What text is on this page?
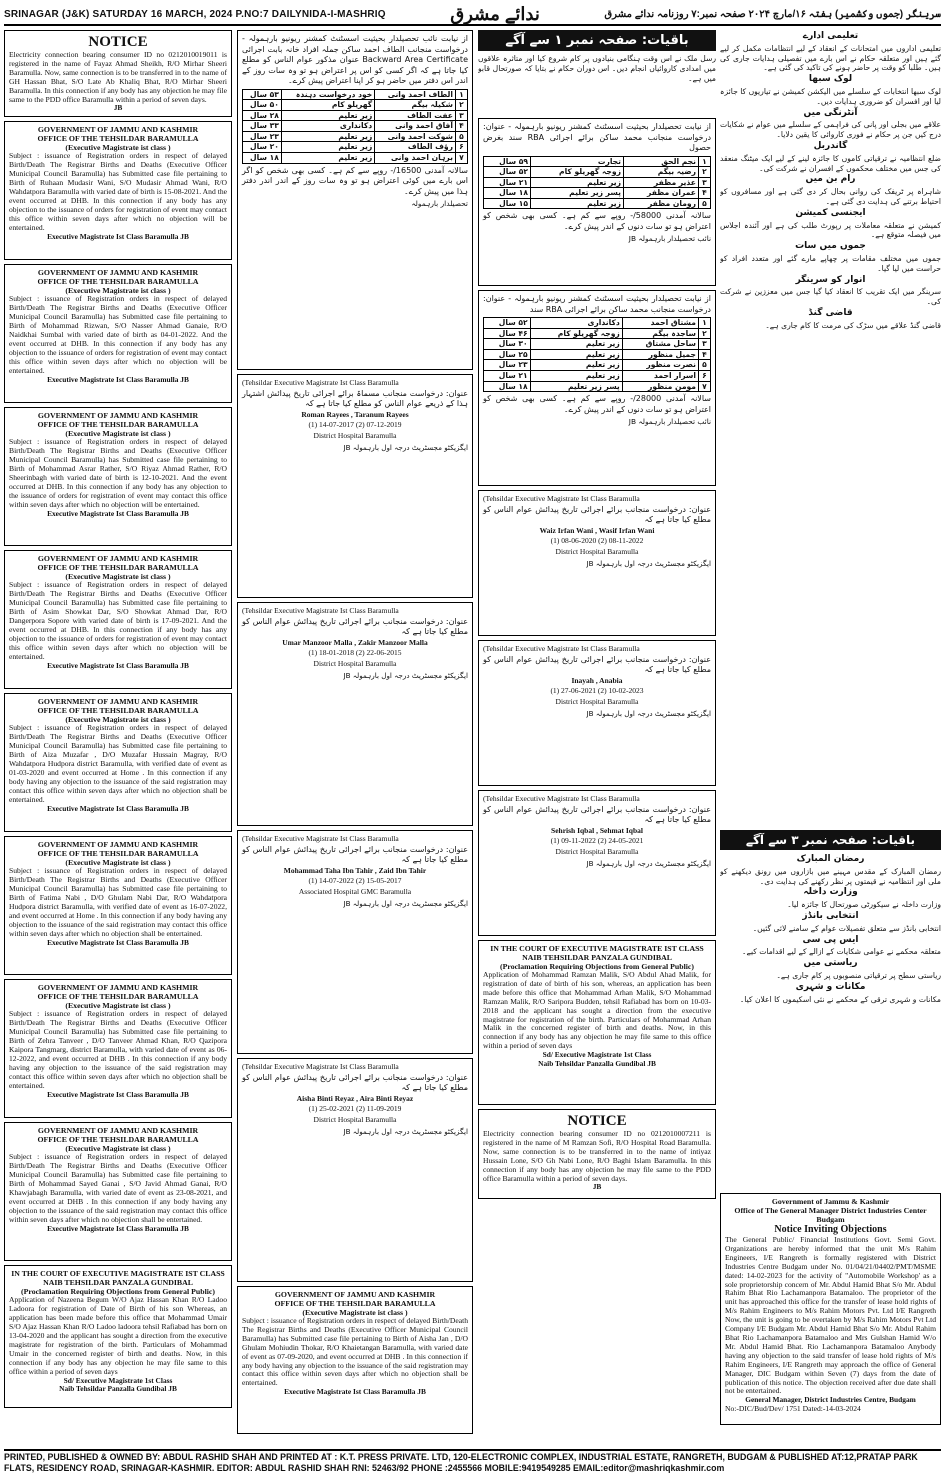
SRINAGAR (J&K) SATURDAY 16 MARCH, 2024 P.NO:7 DAILYNIDA-I-MASHRIQ	ندائے مشرق	سرینگر (جموں وکشمیر) ہفتہ ۱۶/مارچ ۲۰۲۴ صفحہ نمبر:۷ روزنامہ ندائے مشرق
NOTICE
Electricity connection bearing consumer ID no 0212010019011 is registered in the name of Fayaz Ahmad Sheikh, R/O Mirhar Sheeri Baramulla. Now, same connection is to be transferred in to the name of GH Hassan Bhat, S/O Late Ab Khaliq Bhat, R/O Mirhar Sheeri Baramulla. In this connection if any body has any objection he may file same to the PDD office Baramulla within a period of seven days.
JB
GOVERNMENT OF JAMMU AND KASHMIR
OFFICE OF THE TEHSILDAR BARAMULLA
(Executive Magistrate ist class )
Subject : issuance of Registration orders in respect of delayed Birth/Death The Registrar Births and Deaths (Executive Officer Municipal Council Baramulla) has Submitted case file pertaining to Birth of Ruhaan Mudasir Wani, S/O Mudasir Ahmad Wani, R/O Wahdatpora Baramulla with varied date of birth is 15-08-2021. And the event occurred at DHB. In this connection if any body has any objection to the issuance of orders for registration of event may contact this office within seven days after which no objection will be entertained.
Executive Magistrate Ist Class Baramulla JB
GOVERNMENT OF JAMMU AND KASHMIR
OFFICE OF THE TEHSILDAR BARAMULLA
(Executive Magistrate ist class )
Subject : issuance of Registration orders in respect of delayed Birth/Death The Registrar Births and Deaths (Executive Officer Municipal Council Baramulla) has Submitted case file pertaining to Birth of Mohammad Rizwan, S/O Nasser Ahmad Ganaie, R/O Naidkhai Sumbal with varied date of birth as 04-01-2022. And the event occurred at DHB. In this connection if any body has any objection to the issuance of orders for registration of event may contact this office within seven days after which no objection will be entertained.
Executive Magistrate Ist Class Baramulla JB
GOVERNMENT OF JAMMU AND KASHMIR
OFFICE OF THE TEHSILDAR BARAMULLA
(Executive Magistrate ist class )
Subject : issuance of Registration orders in respect of delayed Birth/Death The Registrar Births and Deaths (Executive Officer Municipal Council Baramulla) has Submitted case file pertaining to Birth of Mohammad Asrar Rather, S/O Riyaz Ahmad Rather, R/O Sheerinbagh with varied date of birth is 12-10-2021. And the event occurred at DHB. In this connection if any body has any objection to the issuance of orders for registration of event may contact this office within seven days after which no objection will be entertained.
Executive Magistrate Ist Class Baramulla JB
GOVERNMENT OF JAMMU AND KASHMIR
OFFICE OF THE TEHSILDAR BARAMULLA
(Executive Magistrate ist class )
Subject : issuance of Registration orders in respect of delayed Birth/Death The Registrar Births and Deaths (Executive Officer Municipal Council Baramulla) has Submitted case file pertaining to Birth of Asim Showkat Dar, S/O Showkat Ahmad Dar, R/O Dangerpora Sopore with varied date of birth is 17-09-2021. And the event occurred at DHB. In this connection if any body has any objection to the issuance of orders for registration of event may contact this office within seven days after which no objection will be entertained.
Executive Magistrate Ist Class Baramulla JB
GOVERNMENT OF JAMMU AND KASHMIR
OFFICE OF THE TEHSILDAR BARAMULLA
(Executive Magistrate ist class )
Subject : issuance of Registration orders in respect of delayed Birth/Death The Registrar Births and Deaths (Executive Officer Municipal Council Baramulla) has Submitted case file pertaining to Birth of Aiza Muzafar , D/O Muzafar Hussain Magray, R/O Wahdatpora Hudpora district Baramulla, with verified date of event as 01-03-2020 and event occurred at Home . In this connection if any body having any objection to the issuance of the said registration may contact this office within seven days after which no objection shall be entertained.
Executive Magistrate Ist Class Baramulla JB
GOVERNMENT OF JAMMU AND KASHMIR
OFFICE OF THE TEHSILDAR BARAMULLA
(Executive Magistrate ist class )
Subject : issuance of Registration orders in respect of delayed Birth/Death The Registrar Births and Deaths (Executive Officer Municipal Council Baramulla) has Submitted case file pertaining to Birth of Fatima Nabi , D/O Ghulam Nabi Dar, R/O Wahdatpora Hudpora district Baramulla, with verified date of event as 16-07-2022, and event occurred at Home . In this connection if any body having any objection to the issuance of the said registration may contact this office within seven days after which no objection shall be entertained.
Executive Magistrate Ist Class Baramulla JB
GOVERNMENT OF JAMMU AND KASHMIR
OFFICE OF THE TEHSILDAR BARAMULLA
(Executive Magistrate ist class )
Subject : issuance of Registration orders in respect of delayed Birth/Death The Registrar Births and Deaths (Executive Officer Municipal Council Baramulla) has Submitted case file pertaining to Birth of Zehra Tanveer , D/O Tanveer Ahmad Khan, R/O Qazipora Kaipora Tangmarg, district Baramulla, with varied date of event as 06-12-2022, and event occurred at DHB . In this connection if any body having any objection to the issuance of the said registration may contact this office within seven days after which no objection shall be entertained.
Executive Magistrate Ist Class Baramulla JB
GOVERNMENT OF JAMMU AND KASHMIR
OFFICE OF THE TEHSILDAR BARAMULLA
(Executive Magistrate ist class )
Subject : issuance of Registration orders in respect of delayed Birth/Death The Registrar Births and Deaths (Executive Officer Municipal Council Baramulla) has Submitted case file pertaining to Birth of Mohammad Sayed Ganai , S/O Javid Ahmad Ganai, R/O Khawjabagh Baramulla, with varied date of event as 23-08-2021, and event occurred at DHB . In this connection if any body having any objection to the issuance of the said registration may contact this office within seven days after which no objection shall be entertained.
Executive Magistrate Ist Class Baramulla JB
IN THE COURT OF EXECUTIVE MAGISTRATE IST CLASS NAIB TEHSILDAR PANZALA GUNDIBAL
(Proclamation Requiring Objections from General Public)
Application of Nazeena Begum W/O Ajaz Hassan Khan R/O Ladoo Ladoora for registration of Date of Birth of his son Whereas, an application has been made before this office that Mohammad Umair S/O Ajaz Hassan Khan R/O Ladoo ladoora tehsil Rafiabad has born on 13-04-2020 and the applicant has sought a direction from the executive magistrate for registration of the birth. Particulars of Mohammad Umair in the concerned register of birth and deaths. Now, in this connection if any body has any objection he may file same to this office within a period of seven days
Sd/ Executive Magistrate 1st Class
Naib Tehsildar Panzalla Gundibal JB
از نیابت نائب تحصیلدار بحیثیت اسسٹنٹ کمشنر ریونیو بارہمولہ - درخواست منجانب الطاف احمد ساکن جملہ افراد خانہ بابت اجرائی Backward Area Certificate عنوان مذکور عوام الناس کو مطلع کیا جاتا ہے کہ اگر کسی کو اس پر اعتراض ہو تو وہ سات روز کے اندر اس دفتر میں حاضر ہو کر اپنا اعتراض پیش کرے۔
۱	الطاف احمد وانی	خود درخواست دہندہ	۵۳ سال
۲	شکیلہ بیگم	گھریلو کام	۵۰ سال
۳	عفت الطاف	زیر تعلیم	۲۸ سال
۴	آفاق احمد وانی	دکانداری	۳۳ سال
۵	شوکت احمد وانی	زیر تعلیم	۲۳ سال
۶	رؤف الطاف	زیر تعلیم	۲۰ سال
۷	برہان احمد وانی	زیر تعلیم	۱۸ سال
سالانہ آمدنی 16500/- روپے سے کم ہے۔ کسی بھی شخص کو اگر اس بارے میں کوئی اعتراض ہو تو وہ سات روز کے اندر اندر دفتر ہذا میں پیش کرے۔
تحصیلدار بارہمولہ
(Tehsildar Executive Magistrate Ist Class Baramulla
عنوان: درخواست منجانب مسماۃ برائے اجرائی تاریخ پیدائش اشتہار ہذا کے ذریعے عوام الناس کو مطلع کیا جاتا ہے کہ
Roman Rayees , Taranum Rayees
(1) 14-07-2017 (2) 07-12-2019
District Hospital Baramulla
ایگزیکٹو مجسٹریٹ درجہ اول بارہمولہ JB
(Tehsildar Executive Magistrate Ist Class Baramulla
عنوان: درخواست منجانب برائے اجرائی تاریخ پیدائش عوام الناس کو مطلع کیا جاتا ہے کہ
Umar Manzoor Malla , Zakir Manzoor Malla
(1) 18-01-2018 (2) 22-06-2015
District Hospital Baramulla
ایگزیکٹو مجسٹریٹ درجہ اول بارہمولہ JB
(Tehsildar Executive Magistrate Ist Class Baramulla
عنوان: درخواست منجانب برائے اجرائی تاریخ پیدائش عوام الناس کو مطلع کیا جاتا ہے کہ
Mohammad Taha Ibn Tahir , Zaid Ibn Tahir
(1) 14-07-2022 (2) 15-05-2017
Associated Hospital GMC Baramulla
ایگزیکٹو مجسٹریٹ درجہ اول بارہمولہ JB
(Tehsildar Executive Magistrate Ist Class Baramulla
عنوان: درخواست منجانب برائے اجرائی تاریخ پیدائش عوام الناس کو مطلع کیا جاتا ہے کہ
Aisha Binti Reyaz , Aira Binti Reyaz
(1) 25-02-2021 (2) 11-09-2019
District Hospital Baramulla
ایگزیکٹو مجسٹریٹ درجہ اول بارہمولہ JB
GOVERNMENT OF JAMMU AND KASHMIR
OFFICE OF THE TEHSILDAR BARAMULLA
(Executive Magistrate ist class )
Subject : issuance of Registration orders in respect of delayed Birth/Death The Registrar Births and Deaths (Executive Officer Municipal Council Baramulla) has Submitted case file pertaining to Birth of Aisha Jan , D/O Ghulam Mohiudin Thokar, R/O Khaietangan Baramulla, with varied date of event as 07-09-2020, and event occurred at DHB . In this connection if any body having any objection to the issuance of the said registration may contact this office within seven days after which no objection shall be entertained.
Executive Magistrate Ist Class Baramulla JB
باقیات: صفحہ نمبر ۱ سے آگے
رسل ملک نے اس وقت ہنگامی بنیادوں پر کام شروع کیا اور متاثرہ علاقوں میں امدادی کاروائیاں انجام دیں۔ اس دوران حکام نے بتایا کہ صورتحال قابو میں ہے۔
از نیابت تحصیلدار بحیثیت اسسٹنٹ کمشنر ریونیو بارہمولہ - عنوان: درخواست منجانب محمد ساکن برائے اجرائی RBA سند بغرض حصول
۱	نجم الحق	تجارت	۵۹ سال
۲	رضیہ بیگم	زوجہ گھریلو کام	۵۲ سال
۳	عذیر مظفر	زیر تعلیم	۲۱ سال
۴	عمران مظفر	پسر زیر تعلیم	۱۸ سال
۵	رومان مظفر	زیر تعلیم	۱۵ سال
سالانہ آمدنی 58000/- روپے سے کم ہے۔ کسی بھی شخص کو اعتراض ہو تو سات دنوں کے اندر پیش کرے۔
نائب تحصیلدار بارہمولہ JB
از نیابت تحصیلدار بحیثیت اسسٹنٹ کمشنر ریونیو بارہمولہ - عنوان: درخواست منجانب محمد ساکن برائے اجرائی RBA سند
۱	مشتاق احمد	دکانداری	۵۲ سال
۲	ساجدہ بیگم	زوجہ گھریلو کام	۴۶ سال
۳	ساحل مشتاق	زیر تعلیم	۳۰ سال
۴	جمیل منظور	زیر تعلیم	۲۵ سال
۵	نصرت منظور	زیر تعلیم	۲۳ سال
۶	اسرار احمد	زیر تعلیم	۲۱ سال
۷	مومن منظور	پسر زیر تعلیم	۱۸ سال
سالانہ آمدنی 28000/- روپے سے کم ہے۔ کسی بھی شخص کو اعتراض ہو تو سات دنوں کے اندر پیش کرے۔
نائب تحصیلدار بارہمولہ JB
(Tehsildar Executive Magistrate Ist Class Baramulla
عنوان: درخواست منجانب برائے اجرائی تاریخ پیدائش عوام الناس کو مطلع کیا جاتا ہے کہ
Waiz Irfan Wani , Wasif Irfan Wani
(1) 08-06-2020 (2) 08-11-2022
District Hospital Baramulla
ایگزیکٹو مجسٹریٹ درجہ اول بارہمولہ JB
(Tehsildar Executive Magistrate Ist Class Baramulla
عنوان: درخواست منجانب برائے اجرائی تاریخ پیدائش عوام الناس کو مطلع کیا جاتا ہے کہ
Inayah , Anabia
(1) 27-06-2021 (2) 10-02-2023
District Hospital Baramulla
ایگزیکٹو مجسٹریٹ درجہ اول بارہمولہ JB
(Tehsildar Executive Magistrate Ist Class Baramulla
عنوان: درخواست منجانب برائے اجرائی تاریخ پیدائش عوام الناس کو مطلع کیا جاتا ہے کہ
Sehrish Iqbal , Sehmat Iqbal
(1) 09-11-2022 (2) 24-05-2021
District Hospital Baramulla
ایگزیکٹو مجسٹریٹ درجہ اول بارہمولہ JB
IN THE COURT OF EXECUTIVE MAGISTRATE IST CLASS NAIB TEHSILDAR PANZALA GUNDIBAL
(Proclamation Requiring Objections from General Public)
Application of Mohammad Ramzan Malik, S/O Abdul Ahad Malik, for registration of date of birth of his son, whereas, an application has been made before this office that Mohammad Arhan Malik, S/O Mohammad Ramzan Malik, R/O Saripora Budden, tehsil Rafiabad has born on 10-03-2018 and the applicant has sought a direction from the executive magistrate for registration of the birth. Particulars of Mohammad Arhan Malik in the concerned register of birth and deaths. Now, in this connection if any body has any objection he may file same to this office within a period of seven days
Sd/ Executive Magistrate 1st Class
Naib Tehsildar Panzalla Gundibal JB
NOTICE
Electricity connection bearing consumer ID no 0212010007211 is registered in the name of M Ramzan Sofi, R/O Hospital Road Baramulla. Now, same connection is to be transferred in to the name of intiyaz Hussain Lone, S/O Gh Nabi Lone, R/O Baghi Islam Baramulla. In this connection if any body has any objection he may file same to the PDD office Baramulla within a period of seven days.
JB
تعلیمی ادارے
تعلیمی اداروں میں امتحانات کے انعقاد کے لیے انتظامات مکمل کر لیے گئے ہیں اور متعلقہ حکام نے اس بارے میں تفصیلی ہدایات جاری کی ہیں۔ طلبا کو وقت پر حاضر ہونے کی تاکید کی گئی ہے۔
لوک سبھا
لوک سبھا انتخابات کے سلسلے میں الیکشن کمیشن نے تیاریوں کا جائزہ لیا اور افسران کو ضروری ہدایات دیں۔
آنٹرنگی میں
علاقے میں بجلی اور پانی کی فراہمی کے سلسلے میں عوام نے شکایات درج کیں جن پر حکام نے فوری کاروائی کا یقین دلایا۔
گاندربل
ضلع انتظامیہ نے ترقیاتی کاموں کا جائزہ لینے کے لیے ایک میٹنگ منعقد کی جس میں مختلف محکموں کے افسران نے شرکت کی۔
رام بن میں
شاہراہ پر ٹریفک کی روانی بحال کر دی گئی ہے اور مسافروں کو احتیاط برتنے کی ہدایت دی گئی ہے۔
ایجنسی کمیشن
کمیشن نے متعلقہ معاملات پر رپورٹ طلب کی ہے اور آئندہ اجلاس میں فیصلہ متوقع ہے۔
جموں میں سات
جموں میں مختلف مقامات پر چھاپے مارے گئے اور متعدد افراد کو حراست میں لیا گیا۔
انوار کو سرینگر
سرینگر میں ایک تقریب کا انعقاد کیا گیا جس میں معززین نے شرکت کی۔
قاضی گنڈ
قاضی گنڈ علاقے میں سڑک کی مرمت کا کام جاری ہے۔
باقیات: صفحہ نمبر ۳ سے آگے
رمضان المبارک
رمضان المبارک کے مقدس مہینے میں بازاروں میں رونق دیکھنے کو ملی اور انتظامیہ نے قیمتوں پر نظر رکھنے کی ہدایت دی۔
وزارت داخلہ
وزارت داخلہ نے سیکورٹی صورتحال کا جائزہ لیا۔
انتخابی بانڈز
انتخابی بانڈز سے متعلق تفصیلات عوام کے سامنے لائی گئیں۔
ایس پی سی
متعلقہ محکمے نے عوامی شکایات کے ازالے کے لیے اقدامات کیے۔
ریاستی میں
ریاستی سطح پر ترقیاتی منصوبوں پر کام جاری ہے۔
مکانات و شہری
مکانات و شہری ترقی کے محکمے نے نئی اسکیموں کا اعلان کیا۔
Government of Jammu & Kashmir
Office of The General Manager District Industries Center Budgam
Notice Inviting Objections
The General Public/ Financial Institutions Govt. Semi Govt. Organizations are hereby informed that the unit M/s Rahim Engineers, I/E Rangreth is formally registered with District Industries Centre Budgam under No. 01/04/21/04402/PMT/MSME dated: 14-02-2023 for the activity of "Automobile Workshop' as a sole proprietorship concern of Mr. Abdul Hamid Bhat S/o Mr. Abdul Rahim Bhat Rio Lachamanpora Batamaloo. The proprietor of the unit has approached this office for the transfer of lease hold rights of M/s Rahim Engineers to M/s Rahim Motors Pvt. Ltd I/E Rangreth Now, the unit is going to be overtaken by M/s Rahim Motors Pvt Ltd Company I/E Budgam Mr. Abdul Hamid Bhat S/o Mr. Abdul Rahim Bhat Rio Lachamanpora Batamaloo and Mrs Gulshan Hamid W/o Mr. Abdul Hamid Bhat. Rio Lachamanpora Batamaloo Anybody having any objection to the said transfer of lease hold rights of M/s Rahim Engineers, I/E Rangreth may approach the office of General Manager, DIC Budgam within Seven (7) days from the date of publication of this notice. The objection received after due date shall not be entertained.
General Manager, District Industries Centre, Budgam
No:-DIC/Bud/Dev/ 1751 Dated:-14-03-2024
PRINTED, PUBLISHED & OWNED BY: ABDUL RASHID SHAH AND PRINTED AT : K.T. PRESS PRIVATE. LTD, 120-ELECTRONIC COMPLEX, INDUSTRIAL ESTATE, RANGRETH, BUDGAM & PUBLISHED AT:12,PRATAP PARK
FLATS, RESIDENCY ROAD, SRINAGAR-KASHMIR. EDITOR: ABDUL RASHID SHAH RNI: 52463/92 PHONE :2455566 MOBILE:9419549285 EMAIL:editor@mashriqkashmir.com
